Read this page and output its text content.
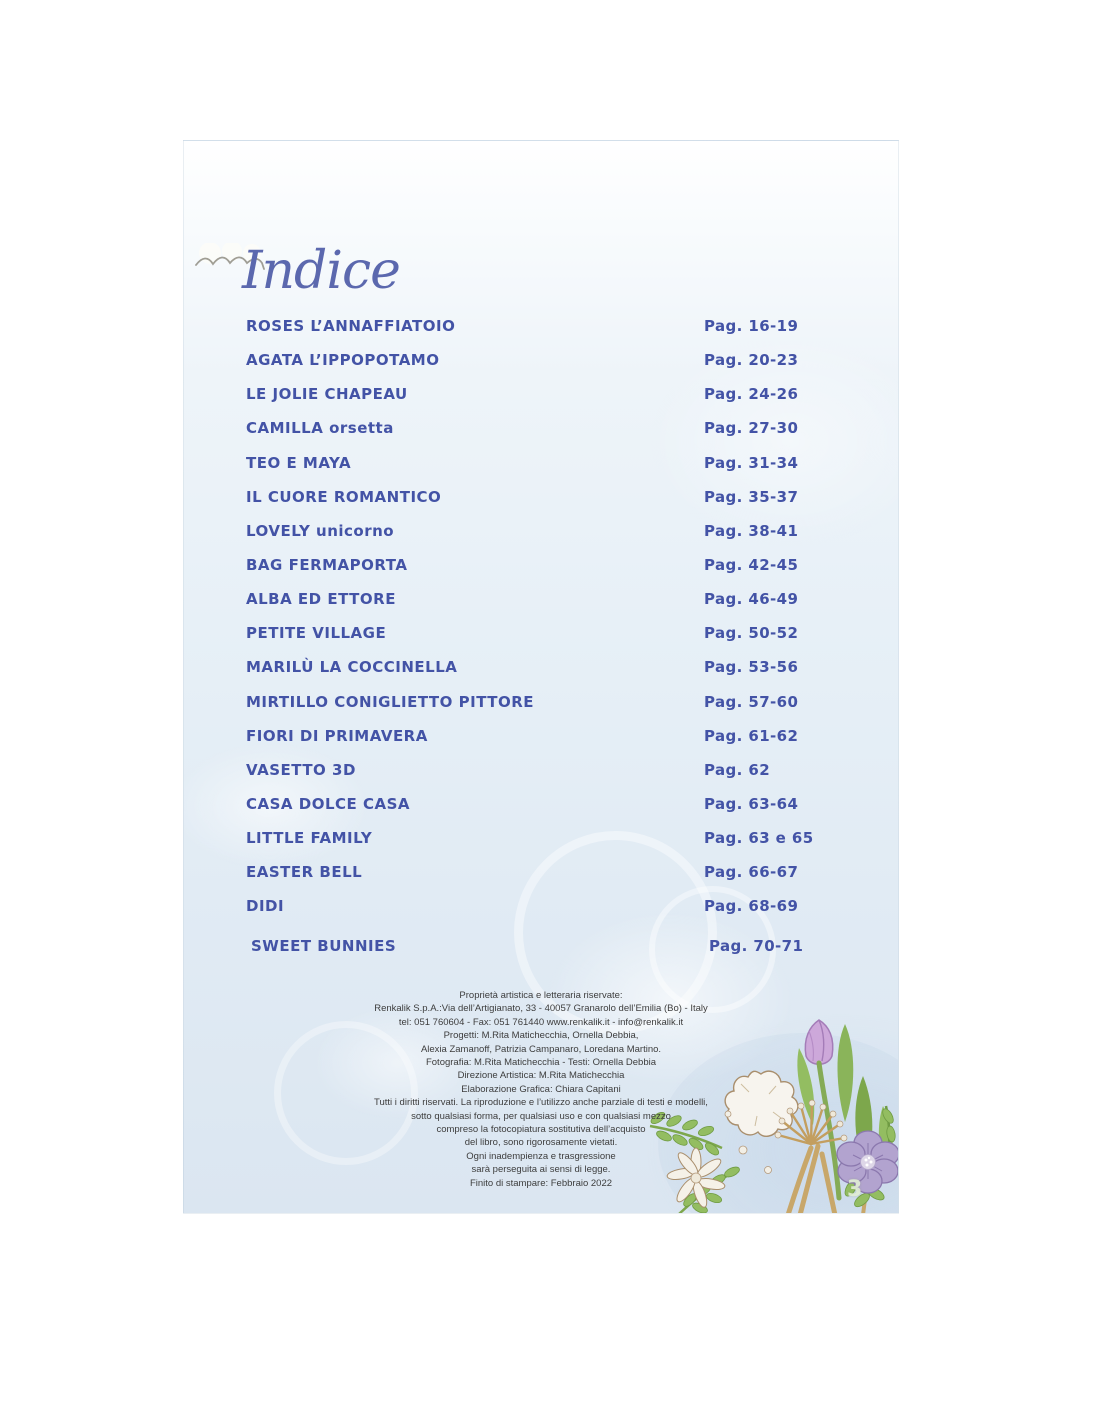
Indice
ROSES L’ANNAFFIATOIO	Pag. 16-19
AGATA L’IPPOPOTAMO	Pag. 20-23
LE JOLIE CHAPEAU	Pag. 24-26
CAMILLA orsetta	Pag. 27-30
TEO E MAYA	Pag. 31-34
IL CUORE ROMANTICO	Pag. 35-37
LOVELY unicorno	Pag. 38-41
BAG FERMAPORTA	Pag. 42-45
ALBA ED ETTORE	Pag. 46-49
PETITE VILLAGE	Pag. 50-52
MARILÙ LA COCCINELLA	Pag. 53-56
MIRTILLO CONIGLIETTO PITTORE	Pag. 57-60
FIORI DI PRIMAVERA	Pag. 61-62
VASETTO 3D	Pag. 62
CASA DOLCE CASA	Pag. 63-64
LITTLE FAMILY	Pag. 63 e 65
EASTER BELL	Pag. 66-67
DIDI	Pag. 68-69
SWEET BUNNIES	Pag. 70-71
Proprietà artistica e letteraria riservate:
Renkalik S.p.A.:Via dell’Artigianato, 33 - 40057 Granarolo dell’Emilia (Bo) - Italy
tel: 051 760604 - Fax: 051 761440 www.renkalik.it - info@renkalik.it
Progetti: M.Rita Matichecchia, Ornella Debbia,
Alexia Zamanoff, Patrizia Campanaro, Loredana Martino.
Fotografia: M.Rita Matichecchia - Testi: Ornella Debbia
Direzione Artistica: M.Rita Matichecchia
Elaborazione Grafica: Chiara Capitani
Tutti i diritti riservati. La riproduzione e l’utilizzo anche parziale di testi e modelli,
sotto qualsiasi forma, per qualsiasi uso e con qualsiasi mezzo
compreso la fotocopiatura sostitutiva dell’acquisto
del libro, sono rigorosamente vietati.
Ogni inadempienza e trasgressione
sarà perseguita ai sensi di legge.
Finito di stampare: Febbraio 2022	3
